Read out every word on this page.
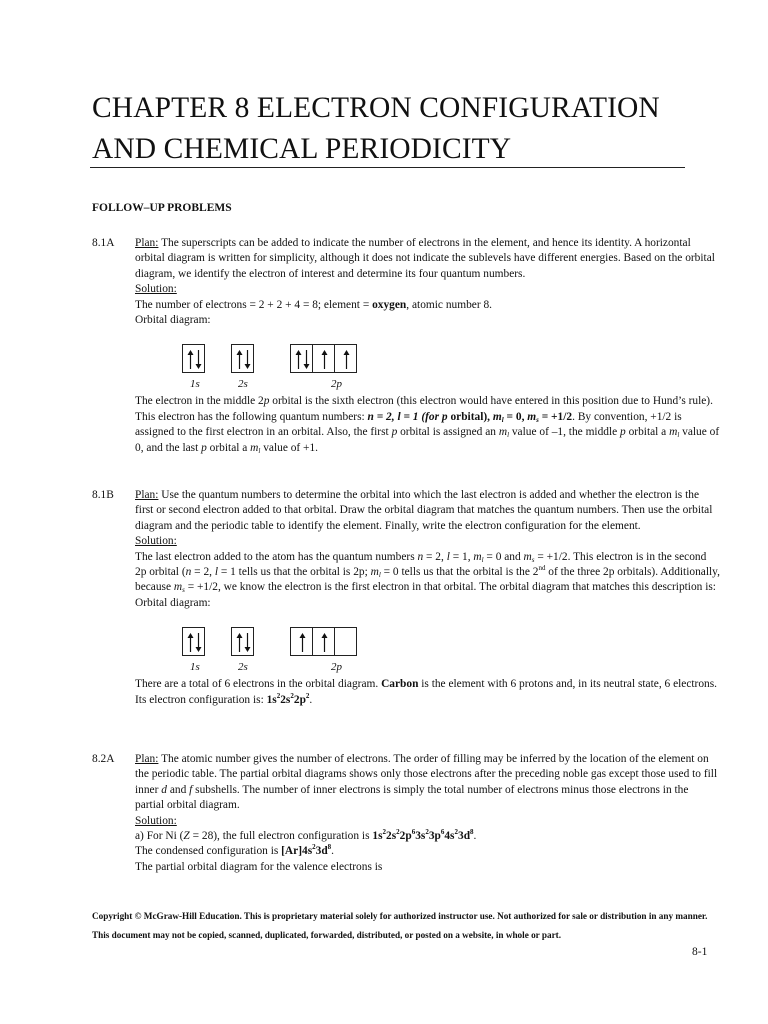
CHAPTER 8 ELECTRON CONFIGURATION
AND CHEMICAL PERIODICITY
FOLLOW–UP PROBLEMS
8.1A Plan: The superscripts can be added to indicate the number of electrons in the element, and hence its identity. A horizontal orbital diagram is written for simplicity, although it does not indicate the sublevels have different energies. Based on the orbital diagram, we identify the electron of interest and determine its four quantum numbers.

Solution:

The number of electrons = 2 + 2 + 4 = 8; element = oxygen, atomic number 8.

Orbital diagram:

1s	2s	2p

The electron in the middle 2p orbital is the sixth electron (this electron would have entered in this position due to Hund’s rule). This electron has the following quantum numbers: n = 2, l = 1 (for p orbital), $m_l = 0$, $m_s = +1/2$. By convention, +1/2 is assigned to the first electron in an orbital. Also, the first p orbital is assigned an $m_l$ value of –1, the middle p orbital a $m_l$ value of 0, and the last p orbital a $m_l$ value of +1.

8.1B Plan: Use the quantum numbers to determine the orbital into which the last electron is added and whether the electron is the first or second electron added to that orbital. Draw the orbital diagram that matches the quantum numbers. Then use the orbital diagram and the periodic table to identify the element. Finally, write the electron configuration for the element.

Solution:

The last electron added to the atom has the quantum numbers n = 2, l = 1, $m_l = 0$ and $m_s = +1/2$. This electron is in the second 2p orbital (n = 2, l = 1 tells us that the orbital is 2p; $m_l = 0$ tells us that the orbital is the 2nd of the three 2p orbitals). Additionally, because $m_s = +1/2$, we know the electron is the first electron in that orbital. The orbital diagram that matches this description is:

Orbital diagram:

1s	2s	2p

There are a total of 6 electrons in the orbital diagram. Carbon is the element with 6 protons and, in its neutral state, 6 electrons. Its electron configuration is: $1s^22s^22p^2$.

8.2A Plan: The atomic number gives the number of electrons. The order of filling may be inferred by the location of the element on the periodic table. The partial orbital diagrams shows only those electrons after the preceding noble gas except those used to fill inner d and f subshells. The number of inner electrons is simply the total number of electrons minus those electrons in the partial orbital diagram.

Solution:

a) For Ni (Z = 28), the full electron configuration is $1s^22s^22p^63s^23p^64s^23d^8$.

The condensed configuration is $[Ar]4s^23d^8$.

The partial orbital diagram for the valence electrons is

Copyright © McGraw-Hill Education. This is proprietary material solely for authorized instructor use. Not authorized for sale or distribution in any manner. This document may not be copied, scanned, duplicated, forwarded, distributed, or posted on a website, in whole or part.
8-1
